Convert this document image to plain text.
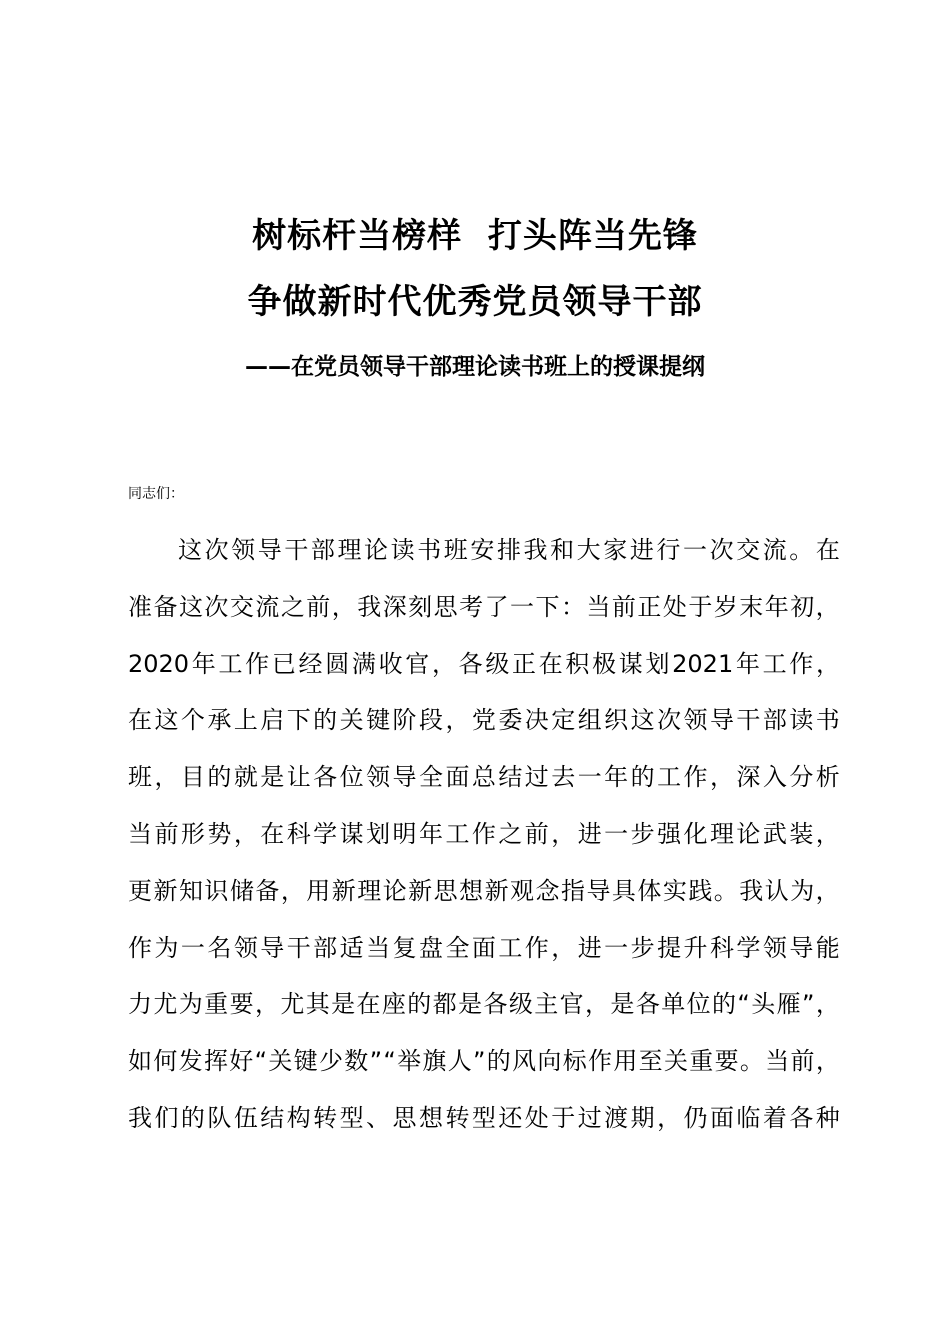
树标杆当榜样  打头阵当先锋
争做新时代优秀党员领导干部
——在党员领导干部理论读书班上的授课提纲
同志们：
这 次 领 导 干 部 理 论 读 书 班 安 排 我 和 大 家 进 行 一 次 交 流 。 在
准 备 这 次 交 流 之 前 ， 我 深 刻 思 考 了 一 下 ： 当 前 正 处 于 岁 末 年 初 ，
2020 年 工 作 已 经 圆 满 收 官 ， 各 级 正 在 积 极 谋 划 2021 年 工 作 ，
在 这 个 承 上 启 下 的 关 键 阶 段 ， 党 委 决 定 组 织 这 次 领 导 干 部 读 书
班 ， 目 的 就 是 让 各 位 领 导 全 面 总 结 过 去 一 年 的 工 作 ， 深 入 分 析
当 前 形 势 ， 在 科 学 谋 划 明 年 工 作 之 前 ， 进 一 步 强 化 理 论 武 装 ，
更 新 知 识 储 备 ， 用 新 理 论 新 思 想 新 观 念 指 导 具 体 实 践 。 我 认 为 ，
作 为 一 名 领 导 干 部 适 当 复 盘 全 面 工 作 ， 进 一 步 提 升 科 学 领 导 能
力 尤 为 重 要 ， 尤 其 是 在 座 的 都 是 各 级 主 官 ， 是 各 单 位 的 “ 头 雁 ” ，
如 何 发 挥 好 “ 关 键 少 数 ” “ 举 旗 人 ” 的 风 向 标 作 用 至 关 重 要 。 当 前 ，
我 们 的 队 伍 结 构 转 型 、 思 想 转 型 还 处 于 过 渡 期 ， 仍 面 临 着 各 种
